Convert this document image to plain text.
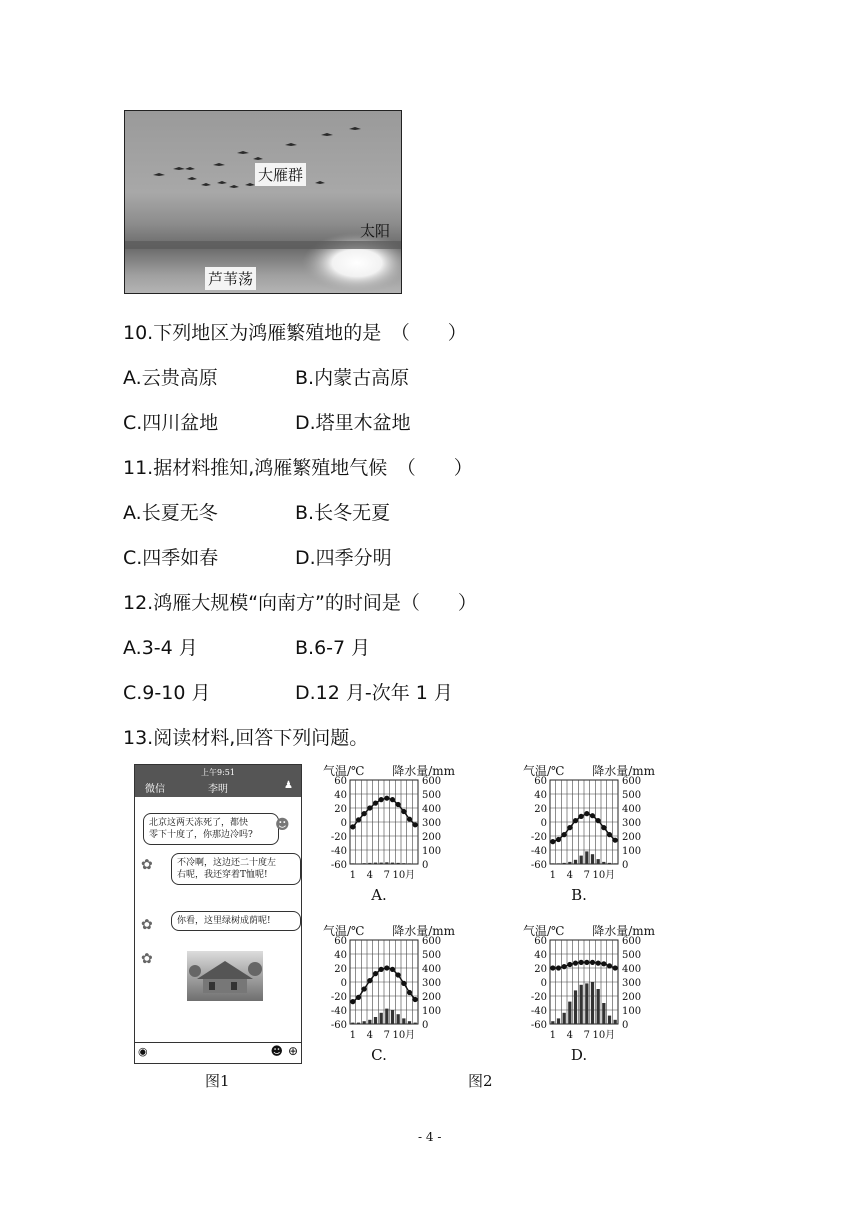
大雁群
太阳
芦苇荡
10.下列地区为鸿雁繁殖地的是　（　　）
A.云贵高原	B.内蒙古高原
C.四川盆地	D.塔里木盆地
11.据材料推知,鸿雁繁殖地气候　（　　）
A.长夏无冬	B.长冬无夏
C.四季如春	D.四季分明
12.鸿雁大规模“向南方”的时间是（　　）
A.3-4 月	B.6-7 月
C.9-10 月	D.12 月-次年 1 月
13.阅读材料,回答下列问题。
上午9:51
微信	李明	♟
北京这两天冻死了，都快
零下十度了，你那边冷吗?
☻
✿	不冷啊，这边还二十度左
右呢，我还穿着T恤呢!
✿	你看，这里绿树成荫呢!
✿
◉	☻ ⊕
图1
气温/℃ 降水量/mm
60
40
20
0
-20
-40
-60
600
500
400
300
200
100
0
1 4 7 10月
A.
气温/℃ 降水量/mm
60
40
20
0
-20
-40
-60
600
500
400
300
200
100
0
1 4 7 10月
B.
气温/℃ 降水量/mm
60
40
20
0
-20
-40
-60
600
500
400
300
200
100
0
1 4 7 10月
C.
气温/℃ 降水量/mm
60
40
20
0
-20
-40
-60
600
500
400
300
200
100
0
1 4 7 10月
D.
图2
- 4 -
